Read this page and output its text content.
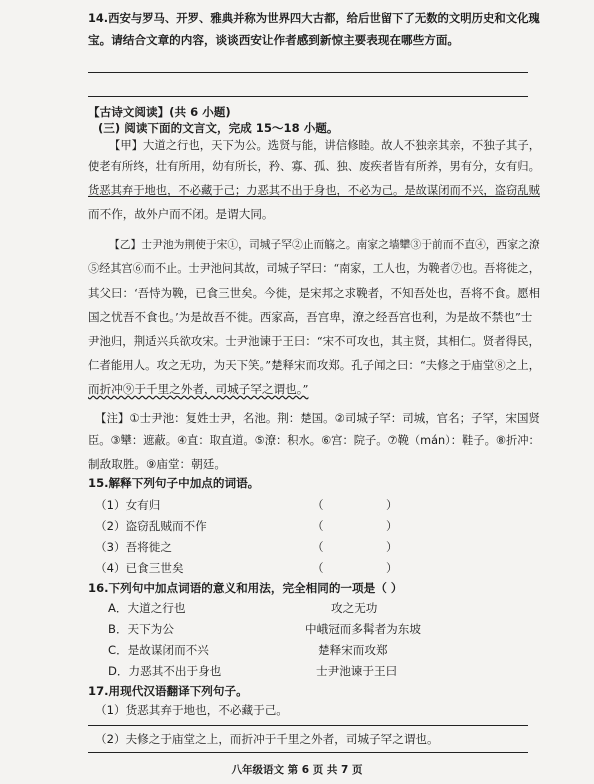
14.西安与罗马、开罗、雅典并称为世界四大古都，给后世留下了无数的文明历史和文化瑰
宝。请结合文章的内容，谈谈西安让作者感到新惊主要表现在哪些方面。
【古诗文阅读】(共 6 小题)
(三) 阅读下面的文言文，完成 15～18 小题。
【甲】大道之行也，天下为公。选贤与能，讲信修睦。故人不独亲其亲，不独子其子，
使老有所终，壮有所用，幼有所长，矜、寡、孤、独、废疾者皆有所养，男有分，女有归。
货恶其弃于地也，不必藏于己；力恶其不出于身也，不必为己。是故谋闭而不兴，盗窃乱贼
而不作，故外户而不闭。是谓大同。
【乙】士尹池为荆使于宋①，司城子罕②止而觞之。南家之墙犫③于前而不直④，西家之潦
⑤经其宫⑥而不止。士尹池问其故，司城子罕曰：“南家，工人也，为鞔者⑦也。吾将徙之，
其父曰：‘吾恃为鞔，已食三世矣。今徙，是宋邦之求鞔者，不知吾处也，吾将不食。愿相
国之忧吾不食也。’为是故吾不徙。西家高，吾宫卑，潦之经吾宫也利，为是故不禁也”士
尹池归，荆适兴兵欲攻宋。士尹池谏于王曰：“宋不可攻也，其主贤，其相仁。贤者得民，
仁者能用人。攻之无功，为天下笑。”楚释宋而攻郑。孔子闻之曰：“夫修之于庙堂⑧之上，
而折冲⑨于千里之外者，司城子罕之谓也。”
【注】①士尹池：复姓士尹，名池。荆：楚国。②司城子罕：司城，官名；子罕，宋国贤
臣。③犫：遮蔽。④直：取直道。⑤潦：积水。⑥宫：院子。⑦鞔（mán）：鞋子。⑧折冲：
制敌取胜。⑨庙堂：朝廷。
15.解释下列句子中加点的词语。
（1）女有归	（	）
（2）盗窃乱贼而不作	（	）
（3）吾将徙之	（	）
（4）已食三世矣	（	）
16.下列句中加点词语的意义和用法，完全相同的一项是（ ）
A．大道之行也	攻之无功
B．天下为公	中峨冠而多髯者为东坡
C．是故谋闭而不兴	楚释宋而攻郑
D．力恶其不出于身也	士尹池谏于王曰
17.用现代汉语翻译下列句子。
（1）货恶其弃于地也，不必藏于己。
（2）夫修之于庙堂之上，而折冲于千里之外者，司城子罕之谓也。
八年级语文 第 6 页 共 7 页
